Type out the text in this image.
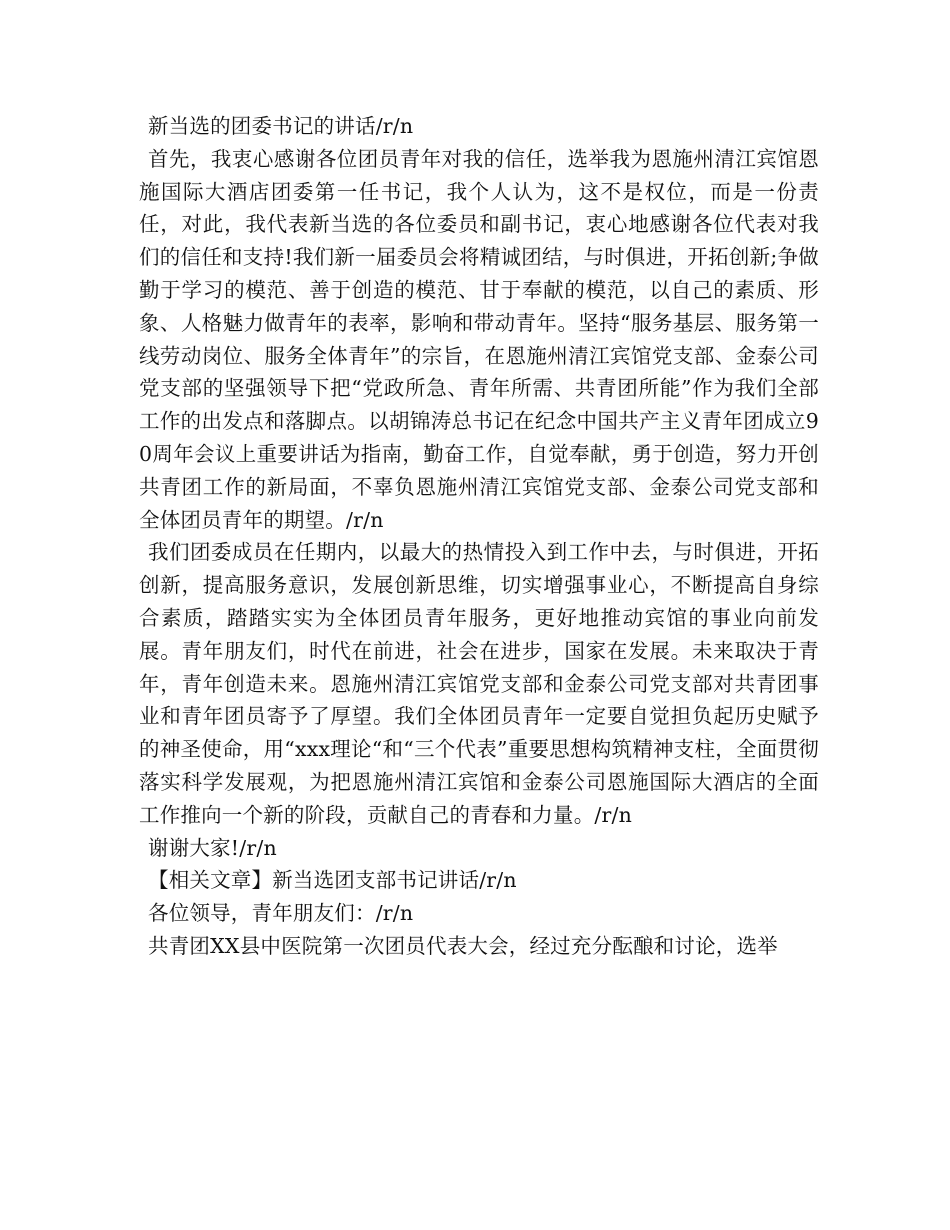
新当选的团委书记的讲话/r/n

首先，我衷心感谢各位团员青年对我的信任，选举我为恩施州清江宾馆恩施国际大酒店团委第一任书记，我个人认为，这不是权位，而是一份责任，对此，我代表新当选的各位委员和副书记，衷心地感谢各位代表对我们的信任和支持!我们新一届委员会将精诚团结，与时俱进，开拓创新;争做勤于学习的模范、善于创造的模范、甘于奉献的模范，以自己的素质、形象、人格魅力做青年的表率，影响和带动青年。坚持“服务基层、服务第一线劳动岗位、服务全体青年”的宗旨，在恩施州清江宾馆党支部、金泰公司党支部的坚强领导下把“党政所急、青年所需、共青团所能”作为我们全部工作的出发点和落脚点。以胡锦涛总书记在纪念中国共产主义青年团成立90周年会议上重要讲话为指南，勤奋工作，自觉奉献，勇于创造，努力开创共青团工作的新局面，不辜负恩施州清江宾馆党支部、金泰公司党支部和全体团员青年的期望。/r/n

我们团委成员在任期内，以最大的热情投入到工作中去，与时俱进，开拓创新，提高服务意识，发展创新思维，切实增强事业心，不断提高自身综合素质，踏踏实实为全体团员青年服务，更好地推动宾馆的事业向前发展。青年朋友们，时代在前进，社会在进步，国家在发展。未来取决于青年，青年创造未来。恩施州清江宾馆党支部和金泰公司党支部对共青团事业和青年团员寄予了厚望。我们全体团员青年一定要自觉担负起历史赋予的神圣使命，用“xxx理论“和“三个代表”重要思想构筑精神支柱，全面贯彻落实科学发展观，为把恩施州清江宾馆和金泰公司恩施国际大酒店的全面工作推向一个新的阶段，贡献自己的青春和力量。/r/n

谢谢大家!/r/n

【相关文章】新当选团支部书记讲话/r/n

各位领导，青年朋友们：/r/n

共青团XX县中医院第一次团员代表大会，经过充分酝酿和讨论，选举
